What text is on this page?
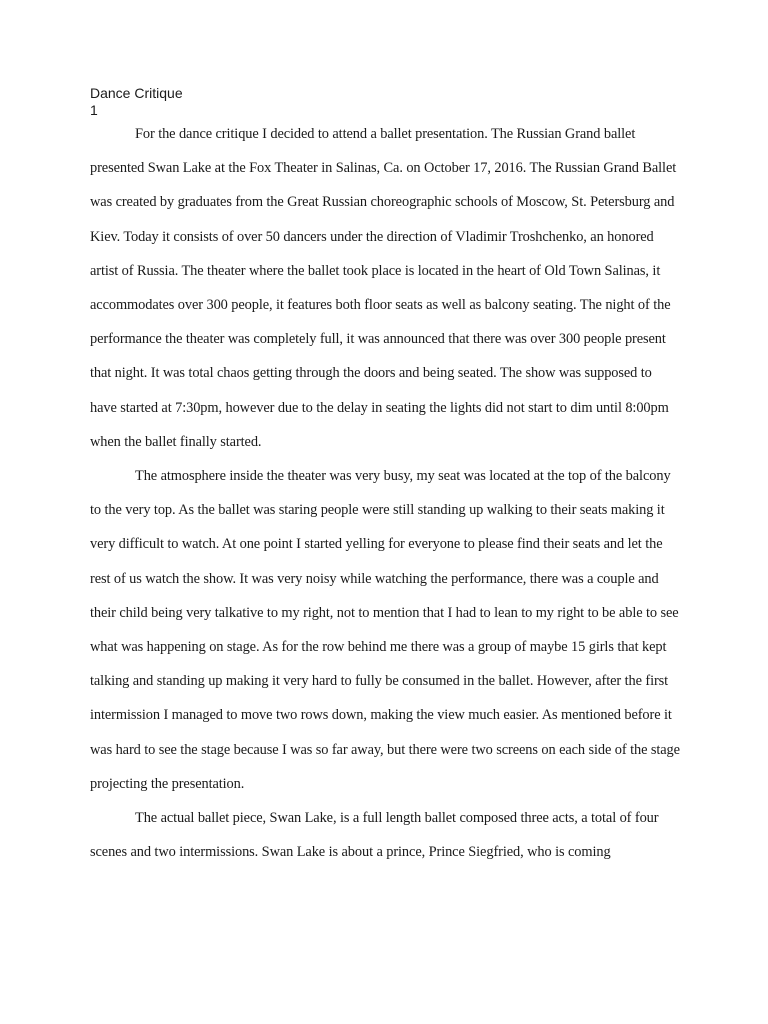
Dance Critique
1

For the dance critique I decided to attend a ballet presentation. The Russian Grand ballet presented Swan Lake at the Fox Theater in Salinas, Ca. on October 17, 2016. The Russian Grand Ballet was created by graduates from the Great Russian choreographic schools of Moscow, St. Petersburg and Kiev. Today it consists of over 50 dancers under the direction of Vladimir Troshchenko, an honored artist of Russia. The theater where the ballet took place is located in the heart of Old Town Salinas, it accommodates over 300 people, it features both floor seats as well as balcony seating. The night of the performance the theater was completely full, it was announced that there was over 300 people present that night. It was total chaos getting through the doors and being seated. The show was supposed to have started at 7:30pm, however due to the delay in seating the lights did not start to dim until 8:00pm when the ballet finally started.

The atmosphere inside the theater was very busy, my seat was located at the top of the balcony to the very top. As the ballet was staring people were still standing up walking to their seats making it very difficult to watch. At one point I started yelling for everyone to please find their seats and let the rest of us watch the show. It was very noisy while watching the performance, there was a couple and their child being very talkative to my right, not to mention that I had to lean to my right to be able to see what was happening on stage. As for the row behind me there was a group of maybe 15 girls that kept talking and standing up making it very hard to fully be consumed in the ballet. However, after the first intermission I managed to move two rows down, making the view much easier. As mentioned before it was hard to see the stage because I was so far away, but there were two screens on each side of the stage projecting the presentation.

The actual ballet piece, Swan Lake, is a full length ballet composed three acts, a total of four scenes and two intermissions. Swan Lake is about a prince, Prince Siegfried, who is coming
